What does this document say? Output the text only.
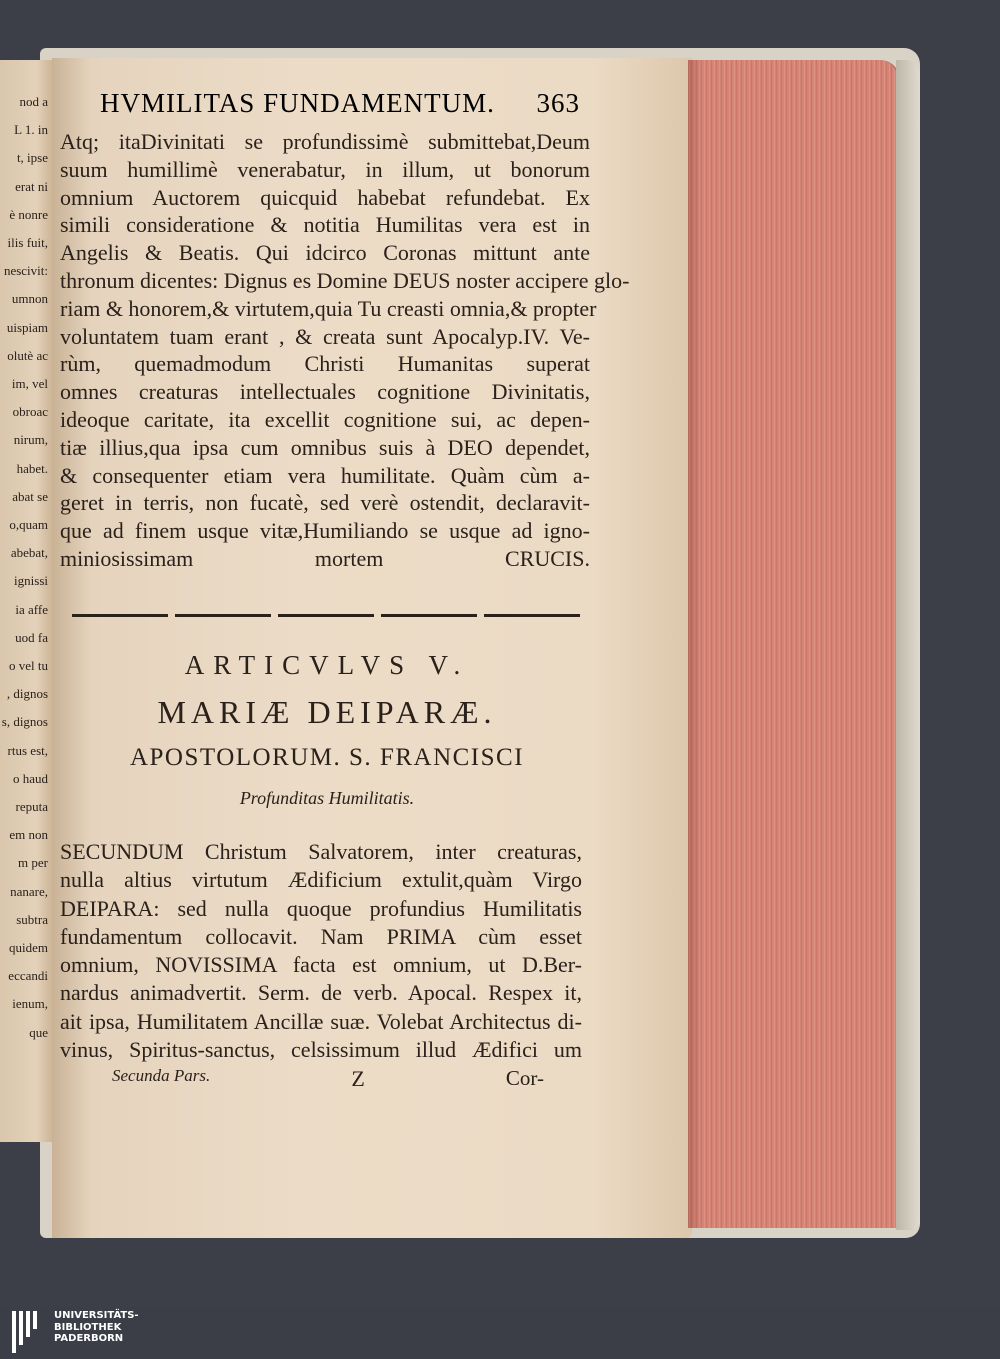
nod a
L 1. in
t, ipse
erat ni
è nonre
ilis fuit,
nescivit:
umnon
uispiam
olutè ac
im, vel
obroac
nirum,
habet.
abat se
o,quam
abebat,
ignissi
ia affe
uod fa
o vel tu
, dignos
s, dignos
rtus est,
o haud
reputa
em non
m per
nanare,
subtra
quidem
eccandi
ienum,
que
HVMILITAS FUNDAMENTUM. 363
Atq; itaDivinitati se profundissimè submittebat,Deum
suum humillimè venerabatur, in illum, ut bonorum
omnium Auctorem quicquid habebat refundebat. Ex
simili consideratione & notitia Humilitas vera est in
Angelis & Beatis. Qui idcirco Coronas mittunt ante
thronum dicentes: Dignus es Domine DEUS noster accipere glo-
riam & honorem,& virtutem,quia Tu creasti omnia,& propter
voluntatem tuam erant , & creata sunt Apocalyp.IV. Ve-
rùm, quemadmodum Christi Humanitas superat
omnes creaturas intellectuales cognitione Divinitatis,
ideoque caritate, ita excellit cognitione sui, ac depen-
tiæ illius,qua ipsa cum omnibus suis à DEO dependet,
& consequenter etiam vera humilitate. Quàm cùm a-
geret in terris, non fucatè, sed verè ostendit, declaravit-
que ad finem usque vitæ,Humiliando se usque ad igno-
miniosissimam mortem CRUCIS.
ARTICVLVS V.
MARIÆ DEIPARÆ.
APOSTOLORUM. S. FRANCISCI
Profunditas Humilitatis.
SECUNDUM Christum Salvatorem, inter creaturas,
nulla altius virtutum Ædificium extulit,quàm Virgo
DEIPARA: sed nulla quoque profundius Humilitatis
fundamentum collocavit. Nam PRIMA cùm esset
omnium, NOVISSIMA facta est omnium, ut D.Ber-
nardus animadvertit. Serm. de verb. Apocal. Respex it,
ait ipsa, Humilitatem Ancillæ suæ. Volebat Architectus di-
vinus, Spiritus-sanctus, celsissimum illud Ædifici um
Secunda Pars.	Z	Cor-
UNIVERSITÄTS-
BIBLIOTHEK
PADERBORN
